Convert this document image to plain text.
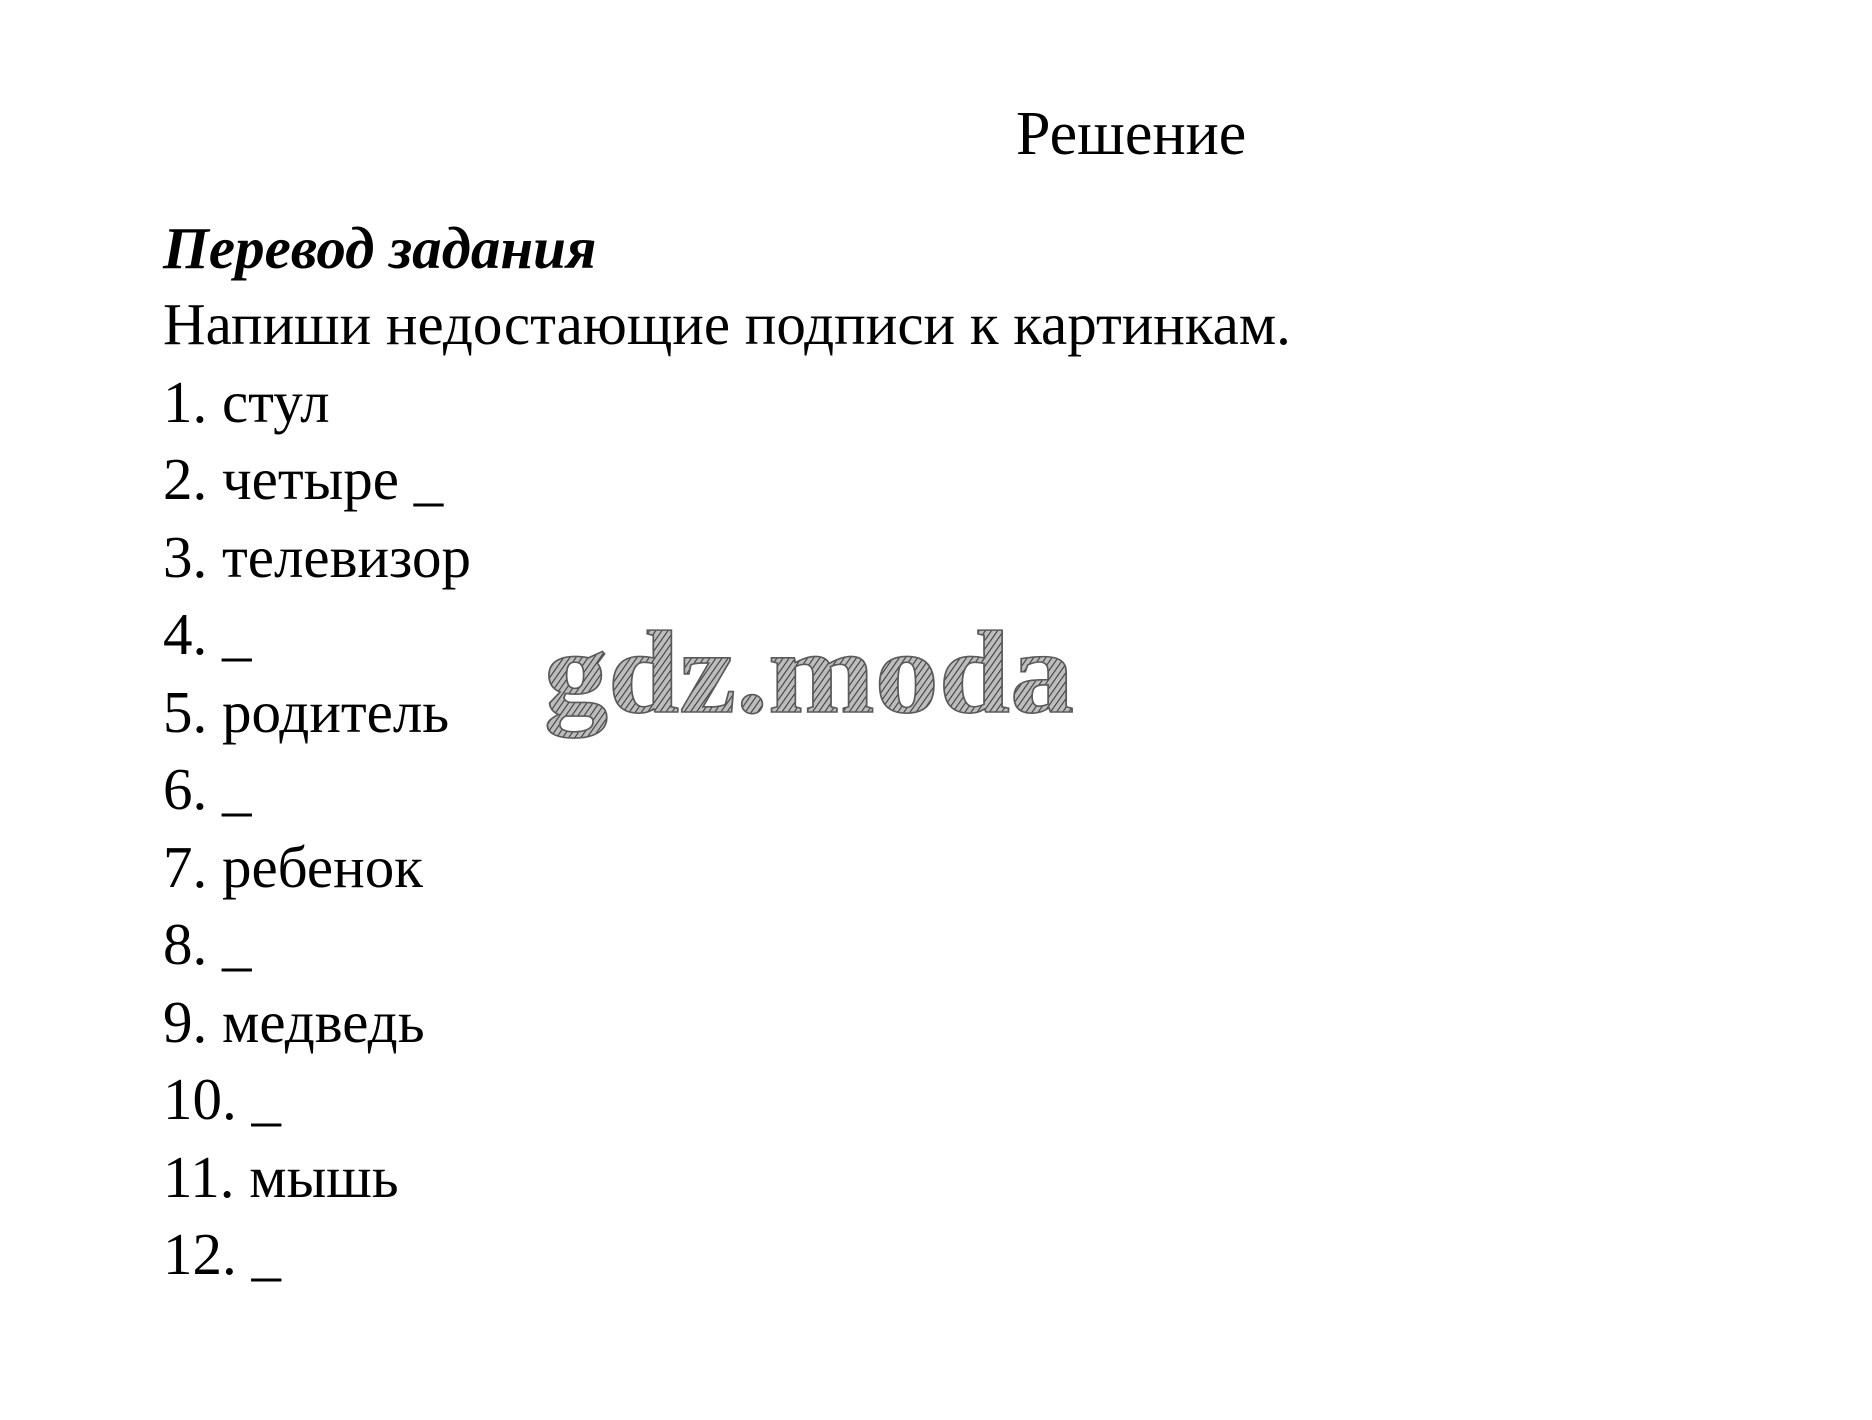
Решение

Перевод задания

Напиши недостающие подписи к картинкам.

1. стул

2. четыре _

3. телевизор

4. _

5. родитель

6. _

7. ребенок

8. _

9. медведь

10. _

11. мышь

12. _

gdz.moda
